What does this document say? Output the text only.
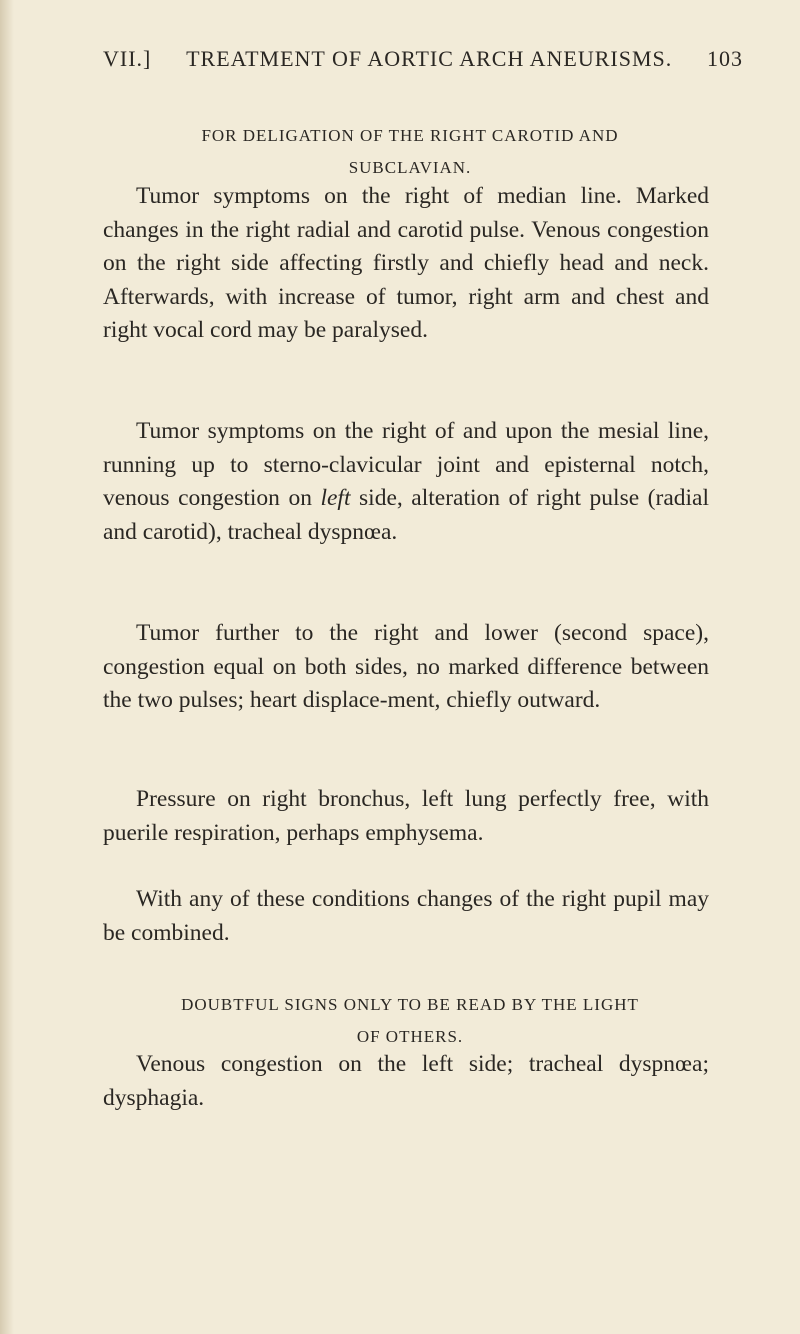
VII.] TREATMENT OF AORTIC ARCH ANEURISMS. 103
FOR DELIGATION OF THE RIGHT CAROTID AND
SUBCLAVIAN.

Tumor symptoms on the right of median line. Marked changes in the right radial and carotid pulse. Venous congestion on the right side affecting firstly and chiefly head and neck. Afterwards, with increase of tumor, right arm and chest and right vocal cord may be paralysed.

Tumor symptoms on the right of and upon the mesial line, running up to sterno-clavicular joint and episternal notch, venous congestion on left side, alteration of right pulse (radial and carotid), tracheal dyspnœa.

Tumor further to the right and lower (second space), congestion equal on both sides, no marked difference between the two pulses; heart displace-ment, chiefly outward.

Pressure on right bronchus, left lung perfectly free, with puerile respiration, perhaps emphysema.

With any of these conditions changes of the right pupil may be combined.

DOUBTFUL SIGNS ONLY TO BE READ BY THE LIGHT
OF OTHERS.

Venous congestion on the left side; tracheal dyspnœa; dysphagia.
